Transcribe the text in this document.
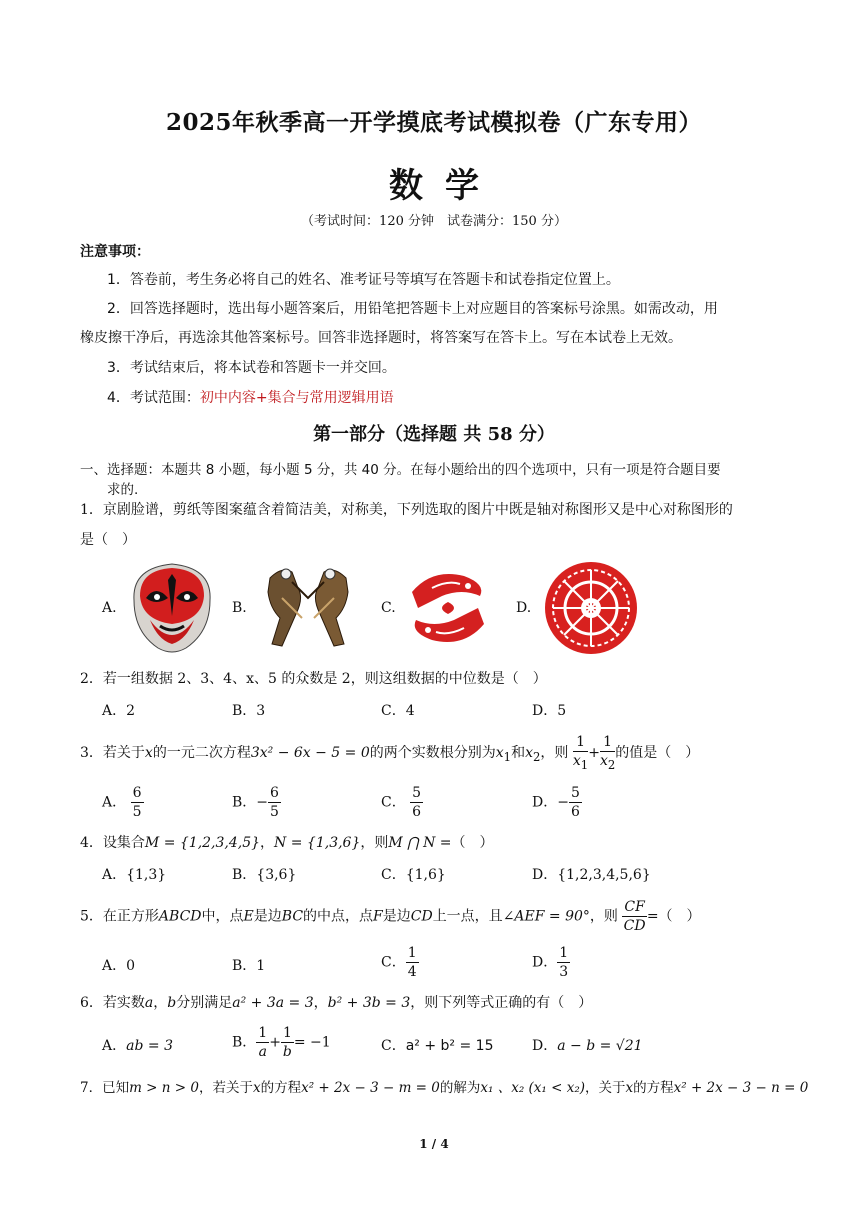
2025年秋季高一开学摸底考试模拟卷（广东专用）
数学
（考试时间：120 分钟　试卷满分：150 分）
注意事项：
1．答卷前，考生务必将自己的姓名、准考证号等填写在答题卡和试卷指定位置上。
2．回答选择题时，选出每小题答案后，用铅笔把答题卡上对应题目的答案标号涂黑。如需改动，用
橡皮擦干净后，再选涂其他答案标号。回答非选择题时，将答案写在答卡上。写在本试卷上无效。
3．考试结束后，将本试卷和答题卡一并交回。
4．考试范围：初中内容+集合与常用逻辑用语
第一部分（选择题 共 58 分）
一、选择题：本题共 8 小题，每小题 5 分，共 40 分。在每小题给出的四个选项中，只有一项是符合题目要
求的.
1．京剧脸谱，剪纸等图案蕴含着简洁美，对称美，下列选取的图片中既是轴对称图形又是中心对称图形的
是（　）
A.	B.	C.	D.
2．若一组数据 2、3、4、x、5 的众数是 2，则这组数据的中位数是（　）
A．2	B．3	C．4	D．5
3．若关于x的一元二次方程3x² − 6x − 5 = 0的两个实数根分别为$x_1$和$x_2$，则 $\frac{1}{x_1} + \frac{1}{x_2}$ 的值是（　）
A． $\frac{6}{5}$	B．− $\frac{6}{5}$	C． $\frac{5}{6}$	D．− $\frac{5}{6}$
4．设集合M = {1,2,3,4,5}，N = {1,3,6}，则M ⋂ N =（　）
A．{1,3}	B．{3,6}	C．{1,6}	D．{1,2,3,4,5,6}
5．在正方形ABCD中，点E是边BC的中点，点F是边CD上一点，且∠AEF = 90°，则 $\frac{CF}{CD}$ =（　）
A．0	B．1	C． $\frac{1}{4}$	D． $\frac{1}{3}$
6．若实数a，b分别满足a² + 3a = 3，b² + 3b = 3，则下列等式正确的有（　）
A．ab = 3	B． $\frac{1}{a} + \frac{1}{b} = -1$	C．a² + b² = 15	D．a − b = √21
7．已知m > n > 0，若关于x的方程x² + 2x − 3 − m = 0的解为x₁ 、x₂ (x₁ < x₂)，关于x的方程x² + 2x − 3 − n = 0
1 / 4
